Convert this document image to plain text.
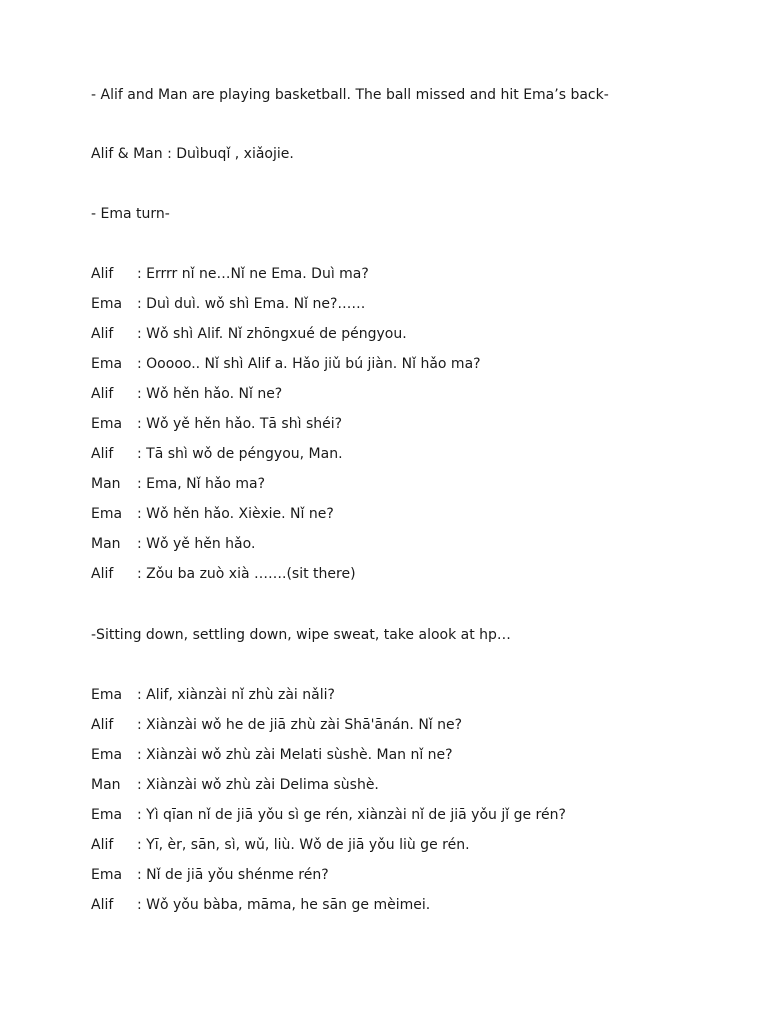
- Alif and Man are playing basketball. The ball missed and hit Ema’s back-
Alif & Man : Duìbuqǐ , xiǎojie.
- Ema turn-
Alif : Errrr nǐ ne…Nǐ ne Ema. Duì ma?
Ema : Duì duì. wǒ shì Ema. Nǐ ne?……
Alif : Wǒ shì Alif. Nǐ zhōngxué de péngyou.
Ema : Ooooo.. Nǐ shì Alif a. Hǎo jiǔ bú jiàn. Nǐ hǎo ma?
Alif : Wǒ hěn hǎo. Nǐ ne?
Ema : Wǒ yě hěn hǎo. Tā shì shéi?
Alif : Tā shì wǒ de péngyou, Man.
Man : Ema, Nǐ hǎo ma?
Ema : Wǒ hěn hǎo. Xièxie. Nǐ ne?
Man : Wǒ yě hěn hǎo.
Alif : Zǒu ba zuò xià …….(sit there)
-Sitting down, settling down, wipe sweat, take alook at hp…
Ema : Alif, xiànzài nǐ zhù zài nǎli?
Alif : Xiànzài wǒ he de jiā zhù zài Shā'ānán. Nǐ ne?
Ema : Xiànzài wǒ zhù zài Melati sùshè. Man nǐ ne?
Man : Xiànzài wǒ zhù zài Delima sùshè.
Ema : Yì qīan nǐ de jiā yǒu sì ge rén, xiànzài nǐ de jiā yǒu jǐ ge rén?
Alif : Yī, èr, sān, sì, wǔ, liù. Wǒ de jiā yǒu liù ge rén.
Ema : Nǐ de jiā yǒu shénme rén?
Alif : Wǒ yǒu bàba, māma, he sān ge mèimei.
